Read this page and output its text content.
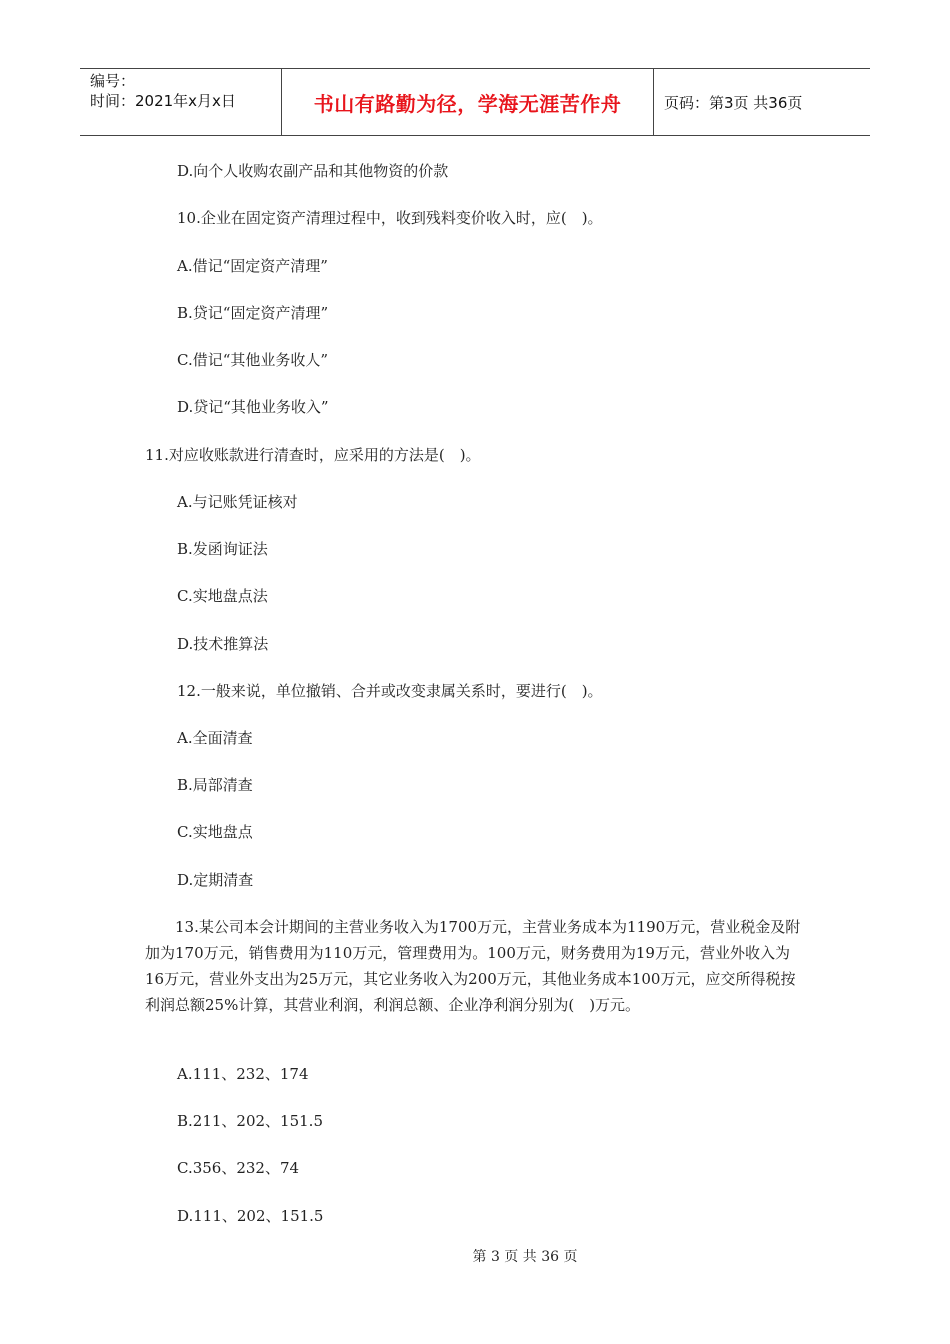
编号：
时间：2021年x月x日	书山有路勤为径，学海无涯苦作舟	页码：第3页 共36页
D.向个人收购农副产品和其他物资的价款
10.企业在固定资产清理过程中，收到残料变价收入时，应(　)。
A.借记“固定资产清理”
B.贷记“固定资产清理”
C.借记“其他业务收人”
D.贷记“其他业务收入”
11.对应收账款进行清查时，应采用的方法是(　)。
A.与记账凭证核对
B.发函询证法
C.实地盘点法
D.技术推算法
12.一般来说，单位撤销、合并或改变隶属关系时，要进行(　)。
A.全面清查
B.局部清查
C.实地盘点
D.定期清查
13.某公司本会计期间的主营业务收入为1700万元，主营业务成本为1190万元，营业税金及附加为170万元，销售费用为110万元，管理费用为。100万元，财务费用为19万元，营业外收入为16万元，营业外支出为25万元，其它业务收入为200万元，其他业务成本100万元，应交所得税按利润总额25%计算，其营业利润，利润总额、企业净利润分别为(　)万元。
A.111、232、174
B.211、202、151.5
C.356、232、74
D.111、202、151.5
第 3 页 共 36 页
